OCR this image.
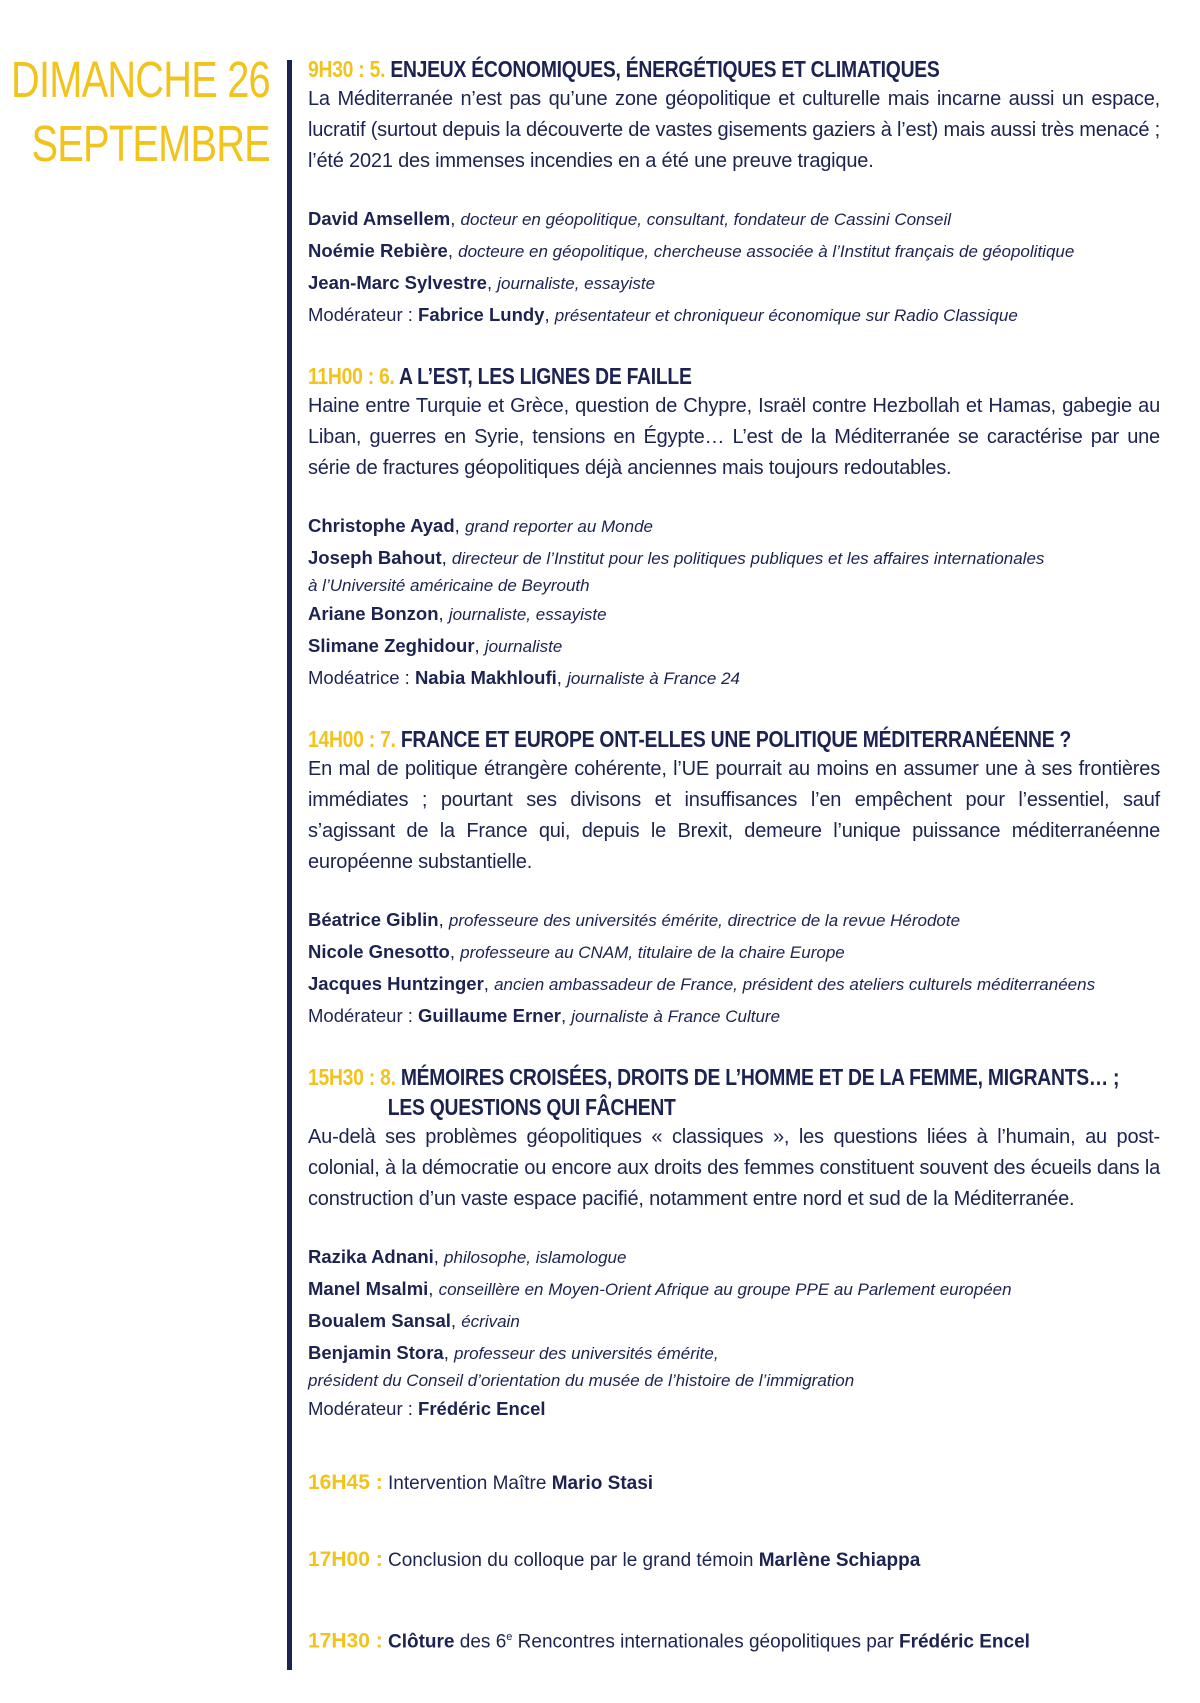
DIMANCHE 26
SEPTEMBRE
9H30 : 5. ENJEUX ÉCONOMIQUES, ÉNERGÉTIQUES ET CLIMATIQUES

La Méditerranée n’est pas qu’une zone géopolitique et culturelle mais incarne aussi un espace, lucratif (surtout depuis la découverte de vastes gisements gaziers à l’est) mais aussi très menacé ; l’été 2021 des immenses incendies en a été une preuve tragique.

David Amsellem, docteur en géopolitique, consultant, fondateur de Cassini Conseil
Noémie Rebière, docteure en géopolitique, chercheuse associée à l’Institut français de géopolitique
Jean-Marc Sylvestre, journaliste, essayiste
Modérateur : Fabrice Lundy, présentateur et chroniqueur économique sur Radio Classique
11H00 : 6. A L’EST, LES LIGNES DE FAILLE

Haine entre Turquie et Grèce, question de Chypre, Israël contre Hezbollah et Hamas, gabegie au Liban, guerres en Syrie, tensions en Égypte… L’est de la Méditerranée se caractérise par une série de fractures géopolitiques déjà anciennes mais toujours redoutables.

Christophe Ayad, grand reporter au Monde
Joseph Bahout, directeur de l’Institut pour les politiques publiques et les affaires internationales
à l’Université américaine de Beyrouth
Ariane Bonzon, journaliste, essayiste
Slimane Zeghidour, journaliste
Modéatrice : Nabia Makhloufi, journaliste à France 24
14H00 : 7. FRANCE ET EUROPE ONT-ELLES UNE POLITIQUE MÉDITERRANÉENNE ?

En mal de politique étrangère cohérente, l’UE pourrait au moins en assumer une à ses frontières immédiates ; pourtant ses divisons et insuffisances l’en empêchent pour l’essentiel, sauf s’agissant de la France qui, depuis le Brexit, demeure l’unique puissance méditerranéenne européenne substantielle.

Béatrice Giblin, professeure des universités émérite, directrice de la revue Hérodote
Nicole Gnesotto, professeure au CNAM, titulaire de la chaire Europe
Jacques Huntzinger, ancien ambassadeur de France, président des ateliers culturels méditerranéens
Modérateur : Guillaume Erner, journaliste à France Culture
15H30 : 8. MÉMOIRES CROISÉES, DROITS DE L’HOMME ET DE LA FEMME, MIGRANTS… ;
LES QUESTIONS QUI FÂCHENT

Au-delà ses problèmes géopolitiques « classiques », les questions liées à l’humain, au post-colonial, à la démocratie ou encore aux droits des femmes constituent souvent des écueils dans la construction d’un vaste espace pacifié, notamment entre nord et sud de la Méditerranée.

Razika Adnani, philosophe, islamologue
Manel Msalmi, conseillère en Moyen-Orient Afrique au groupe PPE au Parlement européen
Boualem Sansal, écrivain
Benjamin Stora, professeur des universités émérite,
président du Conseil d’orientation du musée de l’histoire de l’immigration
Modérateur : Frédéric Encel
16H45 : Intervention Maître Mario Stasi
17H00 : Conclusion du colloque par le grand témoin Marlène Schiappa
17H30 : Clôture des 6e Rencontres internationales géopolitiques par Frédéric Encel
